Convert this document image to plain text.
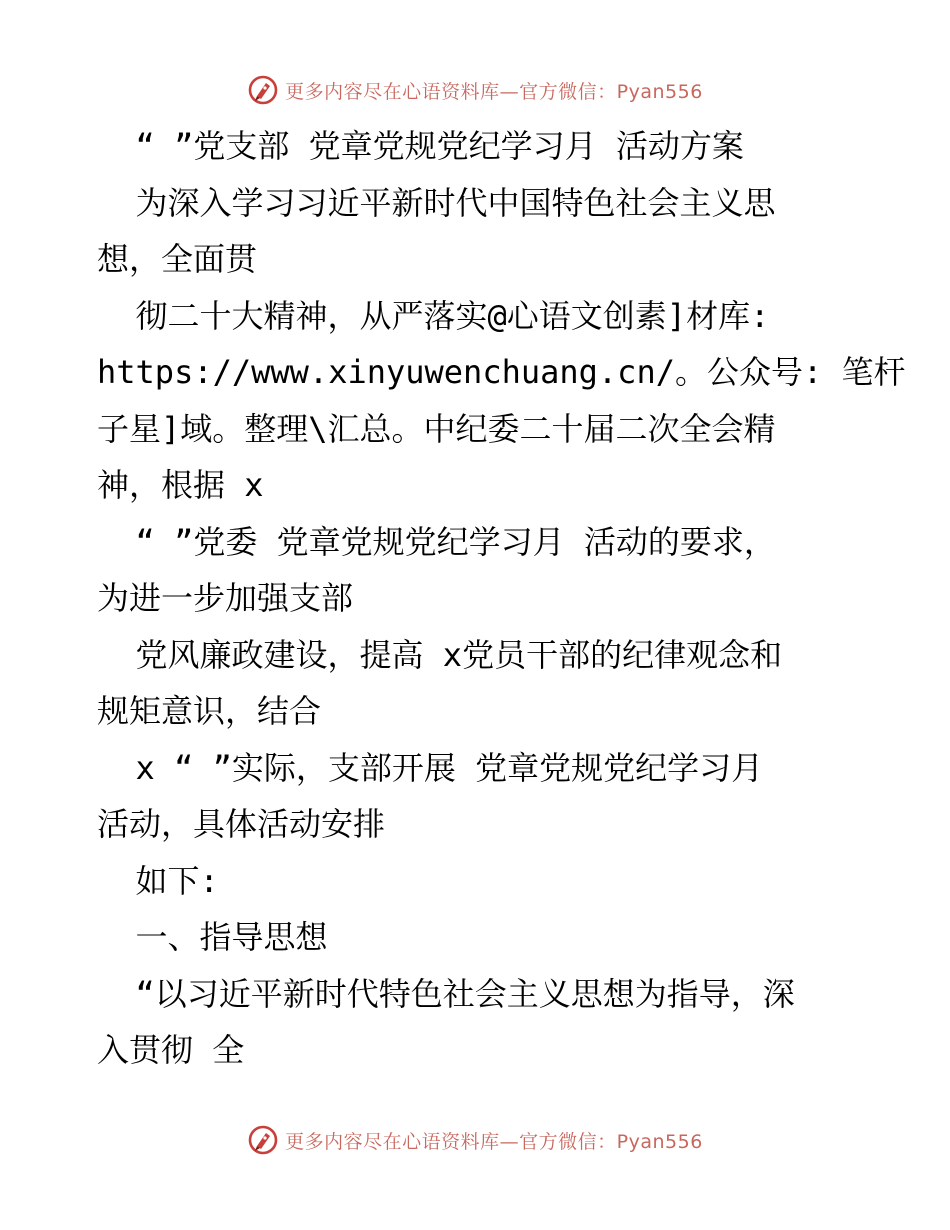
更多内容尽在心语资料库—官方微信：Pyan556
“ ”党支部 党章党规党纪学习月 活动方案
为深入学习习近平新时代中国特色社会主义思
想，全面贯
彻二十大精神，从严落实@心语文创素]材库:
https://www.xinyuwenchuang.cn/。公众号: 笔杆
子星]域。整理\汇总。中纪委二十届二次全会精
神，根据 x
“ ”党委 党章党规党纪学习月 活动的要求，
为进一步加强支部
党风廉政建设，提高 x党员干部的纪律观念和
规矩意识，结合
x “ ”实际，支部开展 党章党规党纪学习月
活动，具体活动安排
如下:
一、指导思想
“以习近平新时代特色社会主义思想为指导，深
入贯彻 全
更多内容尽在心语资料库—官方微信：Pyan556
